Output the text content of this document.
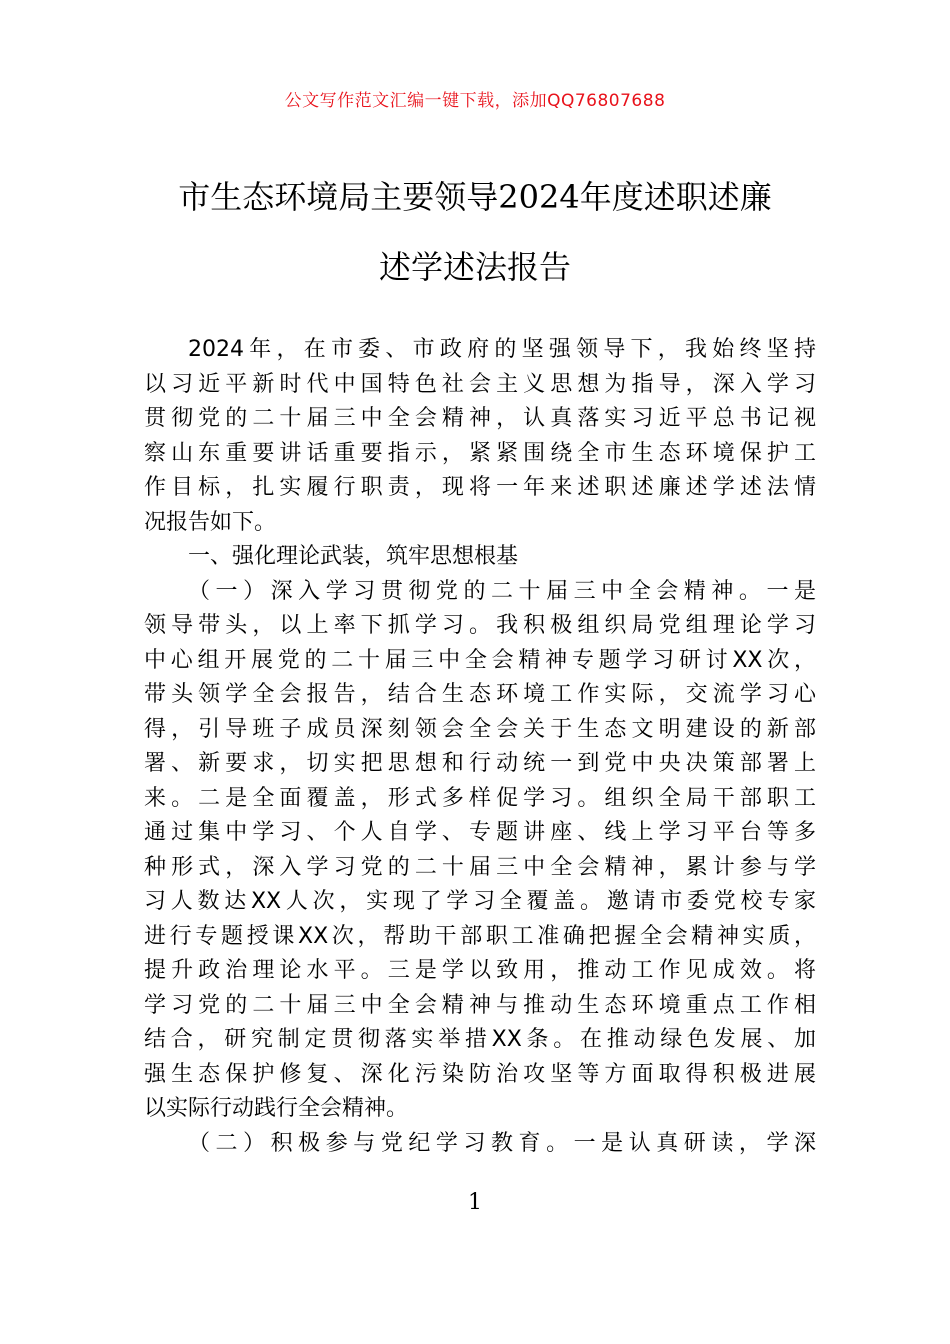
公文写作范文汇编一键下载，添加QQ76807688
市生态环境局主要领导2024年度述职述廉
述学述法报告
2024年，在市委、市政府的坚强领导下，我始终坚持
以习近平新时代中国特色社会主义思想为指导，深入学习
贯彻党的二十届三中全会精神，认真落实习近平总书记视
察山东重要讲话重要指示，紧紧围绕全市生态环境保护工
作目标，扎实履行职责，现将一年来述职述廉述学述法情
况报告如下。
一、强化理论武装，筑牢思想根基
（一）深入学习贯彻党的二十届三中全会精神。一是
领导带头，以上率下抓学习。我积极组织局党组理论学习
中心组开展党的二十届三中全会精神专题学习研讨XX次，
带头领学全会报告，结合生态环境工作实际，交流学习心
得，引导班子成员深刻领会全会关于生态文明建设的新部
署、新要求，切实把思想和行动统一到党中央决策部署上
来。二是全面覆盖，形式多样促学习。组织全局干部职工
通过集中学习、个人自学、专题讲座、线上学习平台等多
种形式，深入学习党的二十届三中全会精神，累计参与学
习人数达XX人次，实现了学习全覆盖。邀请市委党校专家
进行专题授课XX次，帮助干部职工准确把握全会精神实质，
提升政治理论水平。三是学以致用，推动工作见成效。将
学习党的二十届三中全会精神与推动生态环境重点工作相
结合，研究制定贯彻落实举措XX条。在推动绿色发展、加
强生态保护修复、深化污染防治攻坚等方面取得积极进展
以实际行动践行全会精神。
（二）积极参与党纪学习教育。一是认真研读，学深
1
